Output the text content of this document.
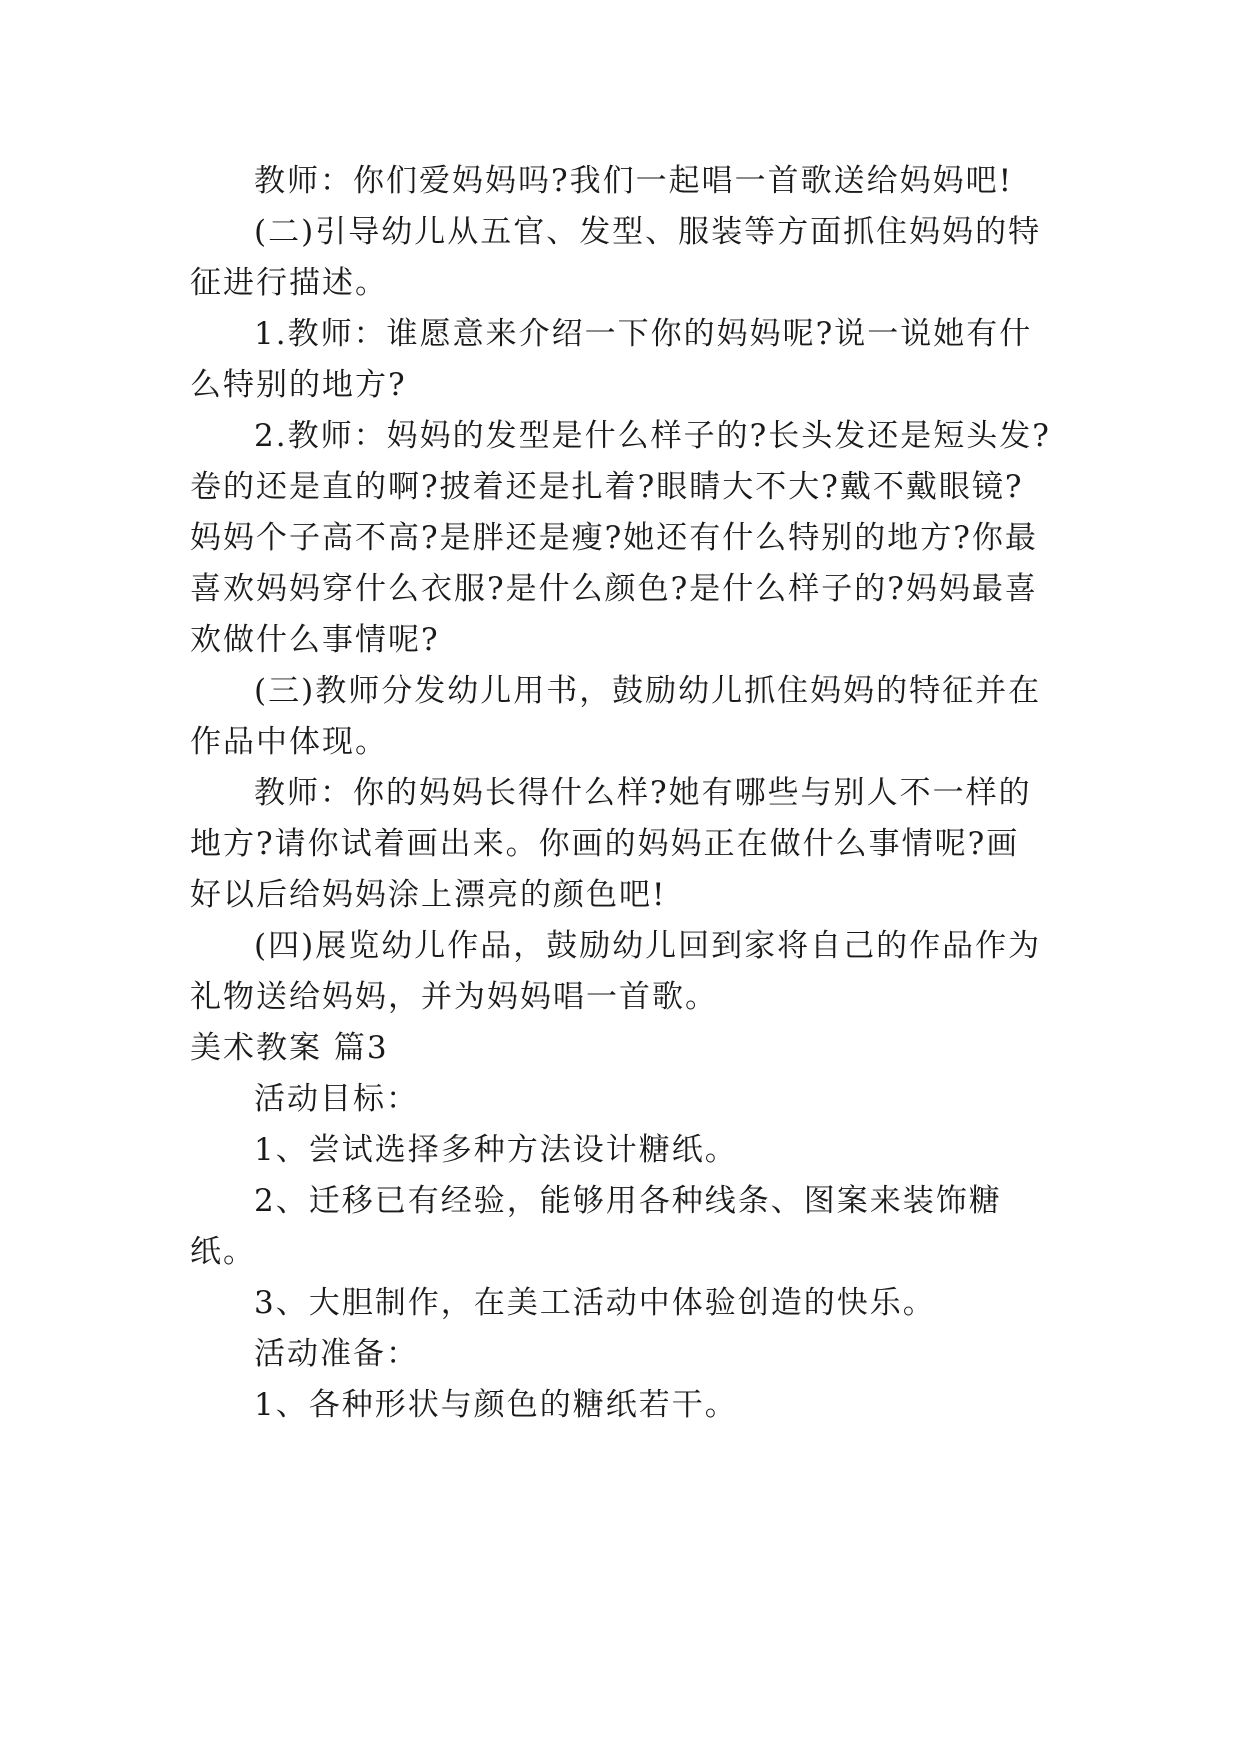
教师：你们爱妈妈吗?我们一起唱一首歌送给妈妈吧!

(二)引导幼儿从五官、发型、服装等方面抓住妈妈的特征进行描述。

1.教师：谁愿意来介绍一下你的妈妈呢?说一说她有什么特别的地方?

2.教师：妈妈的发型是什么样子的?长头发还是短头发?卷的还是直的啊?披着还是扎着?眼睛大不大?戴不戴眼镜?妈妈个子高不高?是胖还是瘦?她还有什么特别的地方?你最喜欢妈妈穿什么衣服?是什么颜色?是什么样子的?妈妈最喜欢做什么事情呢?

(三)教师分发幼儿用书，鼓励幼儿抓住妈妈的特征并在作品中体现。

教师：你的妈妈长得什么样?她有哪些与别人不一样的地方?请你试着画出来。你画的妈妈正在做什么事情呢?画好以后给妈妈涂上漂亮的颜色吧!

(四)展览幼儿作品，鼓励幼儿回到家将自己的作品作为礼物送给妈妈，并为妈妈唱一首歌。

美术教案 篇3

活动目标：

1、尝试选择多种方法设计糖纸。

2、迁移已有经验，能够用各种线条、图案来装饰糖纸。

3、大胆制作，在美工活动中体验创造的快乐。

活动准备：

1、各种形状与颜色的糖纸若干。
